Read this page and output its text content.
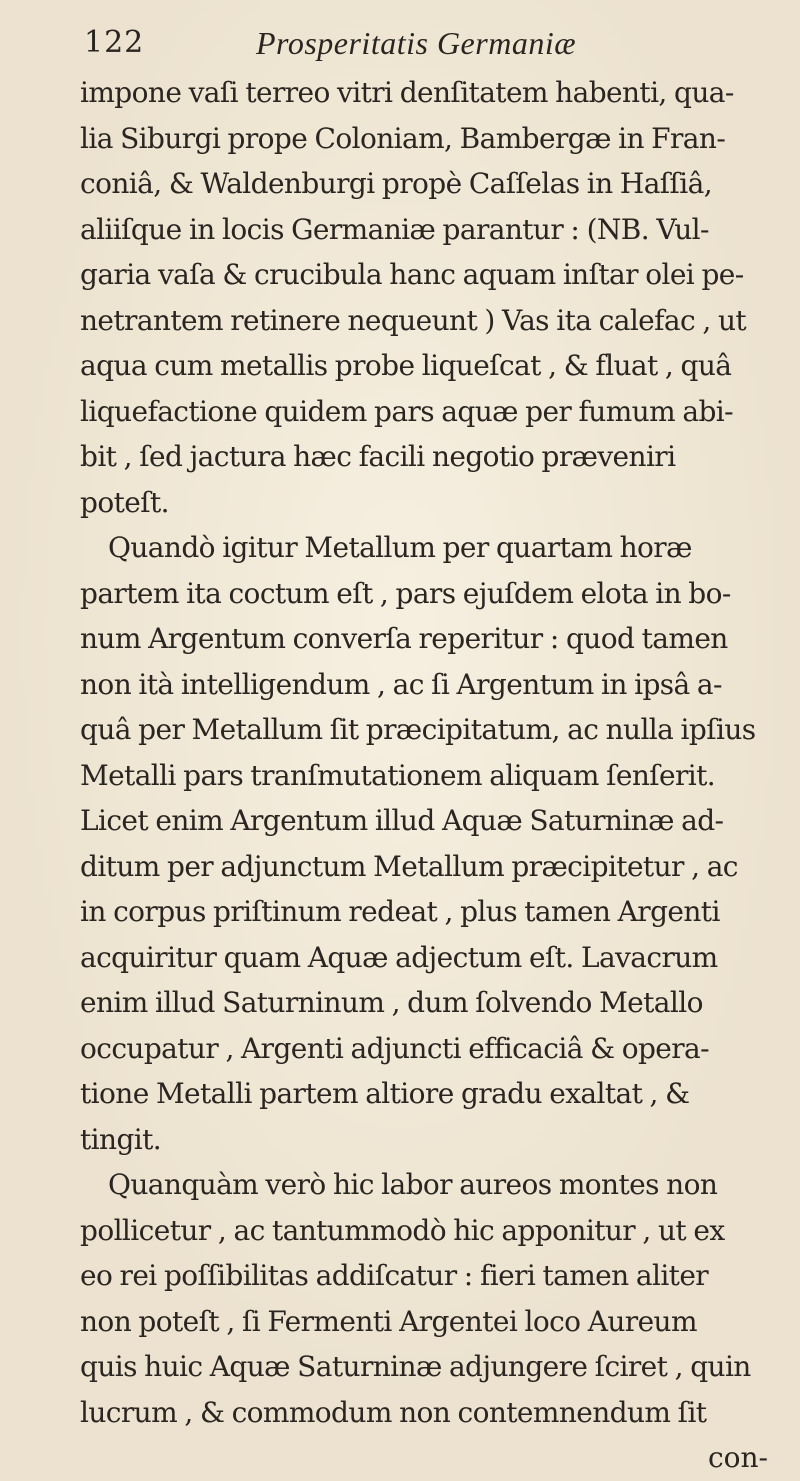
122	Prosperitatis Germaniæ
impone vaſi terreo vitri denſitatem habenti, qua-
lia Siburgi prope Coloniam, Bambergæ in Fran-
coniâ, & Waldenburgi propè Caſſelas in Haſſiâ,
aliiſque in locis Germaniæ parantur : (NB. Vul-
garia vaſa & crucibula hanc aquam inſtar olei pe-
netrantem retinere nequeunt ) Vas ita calefac , ut
aqua cum metallis probe liqueſcat , & fluat , quâ
liquefactione quidem pars aquæ per fumum abi-
bit , ſed jactura hæc facili negotio præveniri
poteſt.
Quandò igitur Metallum per quartam horæ
partem ita coctum eſt , pars ejuſdem elota in bo-
num Argentum converſa reperitur : quod tamen
non ità intelligendum , ac ſi Argentum in ipsâ a-
quâ per Metallum ſit præcipitatum, ac nulla ipſius
Metalli pars tranſmutationem aliquam ſenſerit.
Licet enim Argentum illud Aquæ Saturninæ ad-
ditum per adjunctum Metallum præcipitetur , ac
in corpus priſtinum redeat , plus tamen Argenti
acquiritur quam Aquæ adjectum eſt. Lavacrum
enim illud Saturninum , dum ſolvendo Metallo
occupatur , Argenti adjuncti efficaciâ & opera-
tione Metalli partem altiore gradu exaltat , &
tingit.
Quanquàm verò hic labor aureos montes non
pollicetur , ac tantummodò hic apponitur , ut ex
eo rei poſſibilitas addiſcatur : fieri tamen aliter
non poteſt , ſi Fermenti Argentei loco Aureum
quis huic Aquæ Saturninæ adjungere ſciret , quin
lucrum , & commodum non contemnendum ſit
con-
